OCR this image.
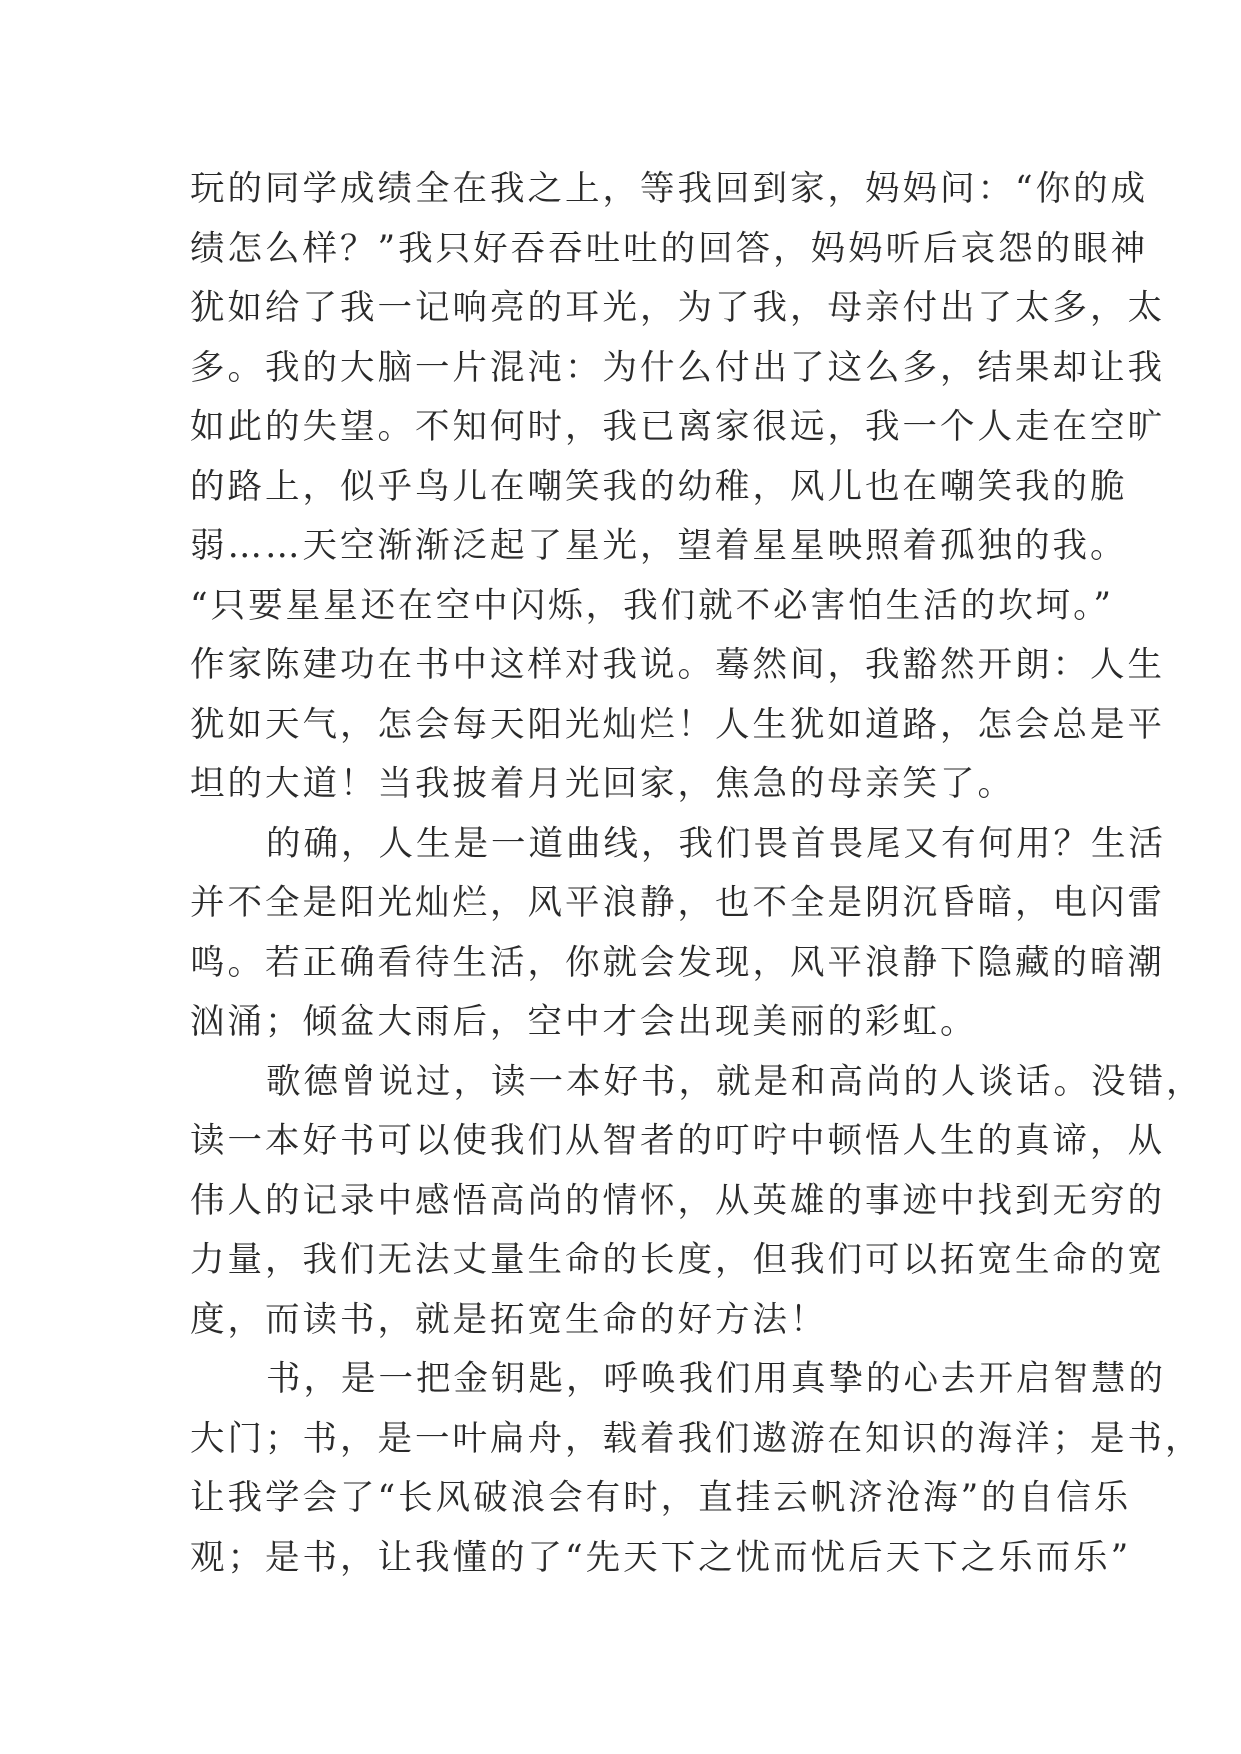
玩的同学成绩全在我之上，等我回到家，妈妈问：“你的成
绩怎么样？”我只好吞吞吐吐的回答，妈妈听后哀怨的眼神
犹如给了我一记响亮的耳光，为了我，母亲付出了太多，太
多。我的大脑一片混沌：为什么付出了这么多，结果却让我
如此的失望。不知何时，我已离家很远，我一个人走在空旷
的路上，似乎鸟儿在嘲笑我的幼稚，风儿也在嘲笑我的脆
弱……天空渐渐泛起了星光，望着星星映照着孤独的我。
“只要星星还在空中闪烁，我们就不必害怕生活的坎坷。”
作家陈建功在书中这样对我说。蓦然间，我豁然开朗：人生
犹如天气，怎会每天阳光灿烂！人生犹如道路，怎会总是平
坦的大道！当我披着月光回家，焦急的母亲笑了。
的确，人生是一道曲线，我们畏首畏尾又有何用？生活
并不全是阳光灿烂，风平浪静，也不全是阴沉昏暗，电闪雷
鸣。若正确看待生活，你就会发现，风平浪静下隐藏的暗潮
汹涌；倾盆大雨后，空中才会出现美丽的彩虹。
歌德曾说过，读一本好书，就是和高尚的人谈话。没错，
读一本好书可以使我们从智者的叮咛中顿悟人生的真谛，从
伟人的记录中感悟高尚的情怀，从英雄的事迹中找到无穷的
力量，我们无法丈量生命的长度，但我们可以拓宽生命的宽
度，而读书，就是拓宽生命的好方法！
书，是一把金钥匙，呼唤我们用真挚的心去开启智慧的
大门；书，是一叶扁舟，载着我们遨游在知识的海洋；是书，
让我学会了“长风破浪会有时，直挂云帆济沧海”的自信乐
观；是书，让我懂的了“先天下之忧而忧后天下之乐而乐”
